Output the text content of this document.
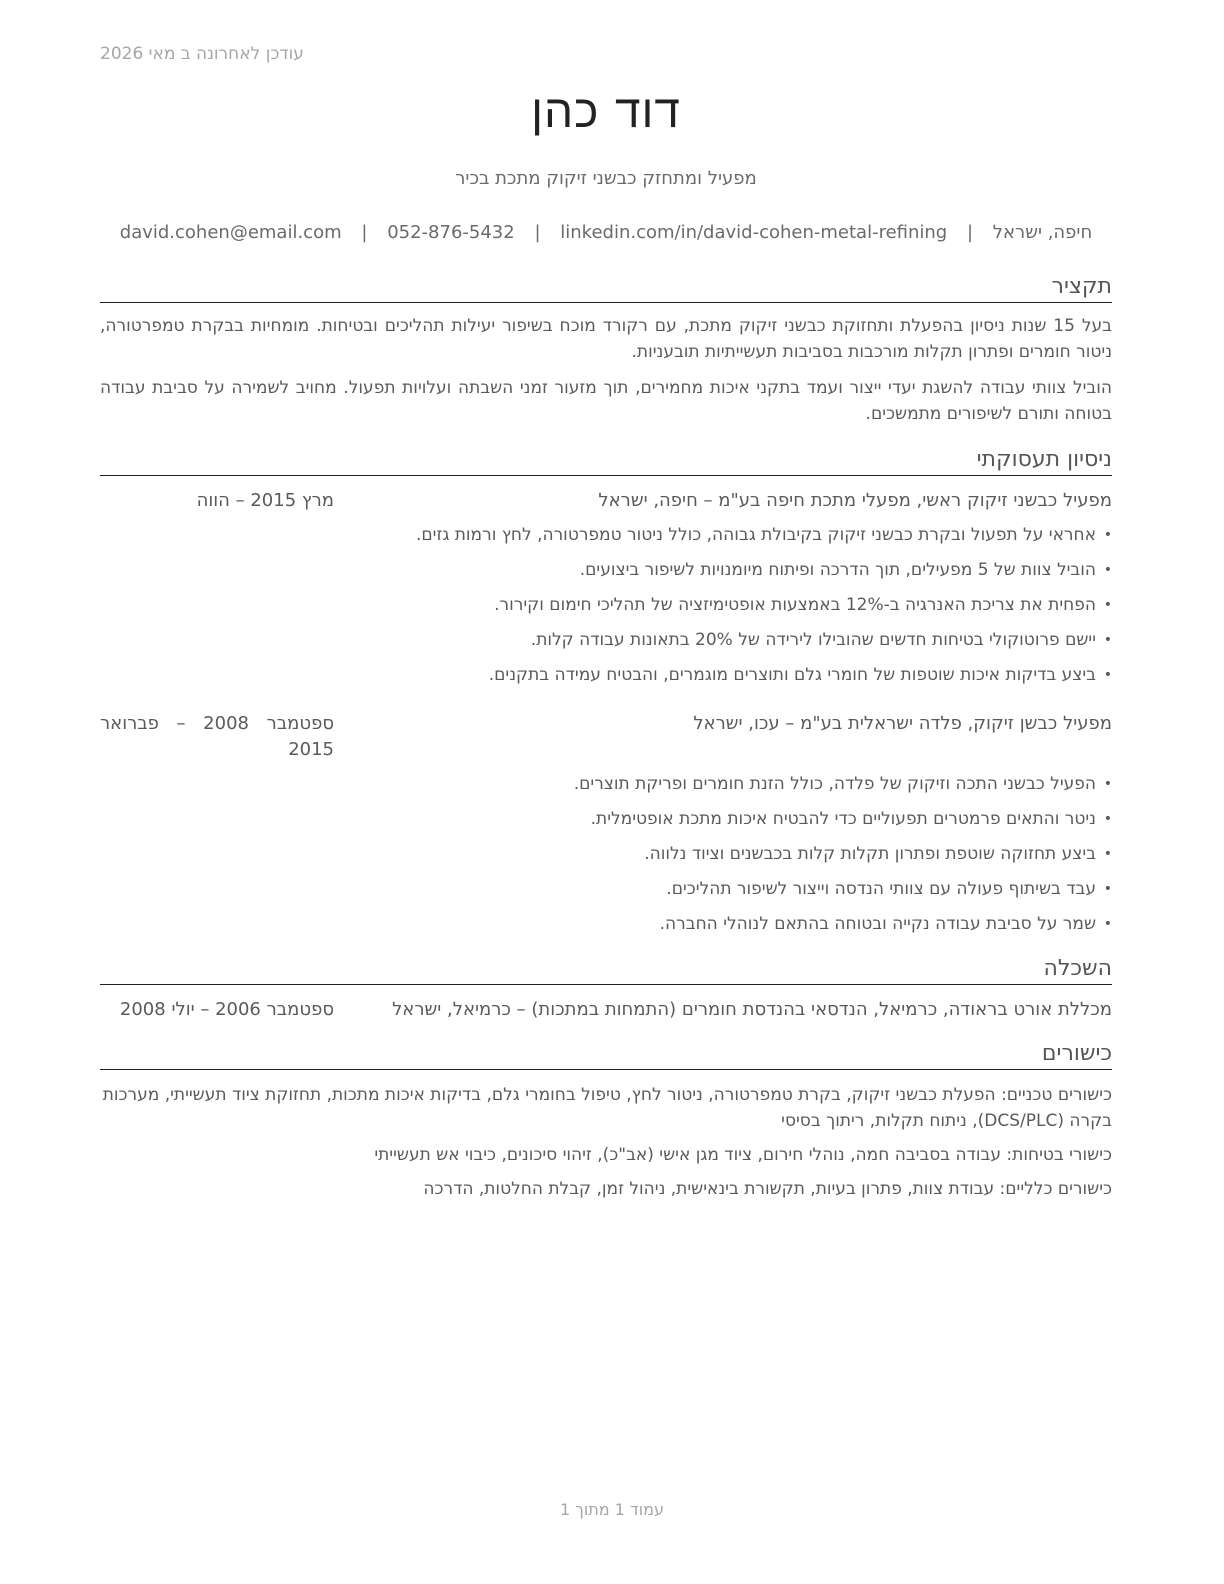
עודכן לאחרונה ב מאי 2026
דוד כהן
מפעיל ומתחזק כבשני זיקוק מתכת בכיר
חיפה, ישראל | david.cohen@email.com | 052-876-5432 | linkedin.com/in/david-cohen-metal-refining
תקציר

בעל 15 שנות ניסיון בהפעלת ותחזוקת כבשני זיקוק מתכת, עם רקורד מוכח בשיפור יעילות תהליכים ובטיחות. מומחיות בבקרת טמפרטורה, ניטור חומרים ופתרון תקלות מורכבות בסביבות תעשייתיות תובעניות.

הוביל צוותי עבודה להשגת יעדי ייצור ועמד בתקני איכות מחמירים, תוך מזעור זמני השבתה ועלויות תפעול. מחויב לשמירה על סביבת עבודה בטוחה ותורם לשיפורים מתמשכים.

ניסיון תעסוקתי
מפעיל כבשני זיקוק ראשי, מפעלי מתכת חיפה בע"מ – חיפה, ישראל
מרץ 2015 – הווה
• אחראי על תפעול ובקרת כבשני זיקוק בקיבולת גבוהה, כולל ניטור טמפרטורה, לחץ ורמות גזים.
• הוביל צוות של 5 מפעילים, תוך הדרכה ופיתוח מיומנויות לשיפור ביצועים.
• הפחית את צריכת האנרגיה ב-12% באמצעות אופטימיזציה של תהליכי חימום וקירור.
• יישם פרוטוקולי בטיחות חדשים שהובילו לירידה של 20% בתאונות עבודה קלות.
• ביצע בדיקות איכות שוטפות של חומרי גלם ותוצרים מוגמרים, והבטיח עמידה בתקנים.
מפעיל כבשן זיקוק, פלדה ישראלית בע"מ – עכו, ישראל
ספטמבר 2008 – פברואר 2015
• הפעיל כבשני התכה וזיקוק של פלדה, כולל הזנת חומרים ופריקת תוצרים.
• ניטר והתאים פרמטרים תפעוליים כדי להבטיח איכות מתכת אופטימלית.
• ביצע תחזוקה שוטפת ופתרון תקלות קלות בכבשנים וציוד נלווה.
• עבד בשיתוף פעולה עם צוותי הנדסה וייצור לשיפור תהליכים.
• שמר על סביבת עבודה נקייה ובטוחה בהתאם לנוהלי החברה.
השכלה
מכללת אורט בראודה, כרמיאל, הנדסאי בהנדסת חומרים (התמחות במתכות) – כרמיאל, ישראל
ספטמבר 2006 – יולי 2008
כישורים

כישורים טכניים: הפעלת כבשני זיקוק, בקרת טמפרטורה, ניטור לחץ, טיפול בחומרי גלם, בדיקות איכות מתכות, תחזוקת ציוד תעשייתי, מערכות בקרה (DCS/PLC), ניתוח תקלות, ריתוך בסיסי

כישורי בטיחות: עבודה בסביבה חמה, נוהלי חירום, ציוד מגן אישי (אב"כ), זיהוי סיכונים, כיבוי אש תעשייתי

כישורים כלליים: עבודת צוות, פתרון בעיות, תקשורת בינאישית, ניהול זמן, קבלת החלטות, הדרכה

עמוד 1 מתוך 1
